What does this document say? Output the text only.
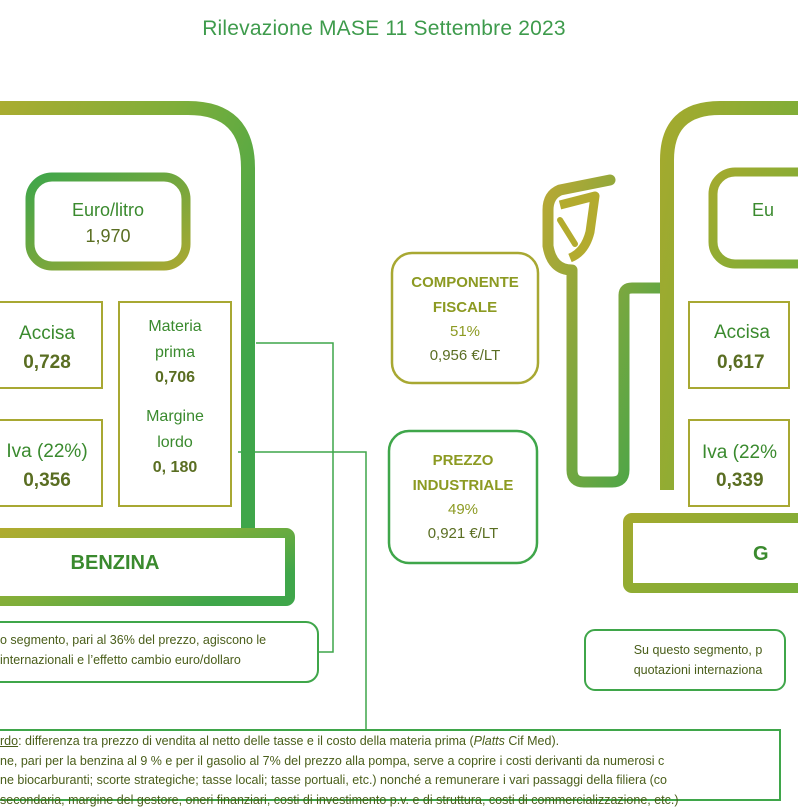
Rilevazione MASE 11 Settembre 2023
Euro/litro
1,970
Accisa
0,728
Iva (22%)
0,356
Materia
prima
0,706
Margine
lordo
0, 180
BENZINA
o segmento, pari al 36% del prezzo, agiscono le
internazionali e l’effetto cambio euro/dollaro
COMPONENTE
FISCALE
51%
0,956 €/LT
PREZZO
INDUSTRIALE
49%
0,921 €/LT
Eu
Accisa
0,617
Iva (22%
0,339
G
Su questo segmento, p
quotazioni internaziona
rdo: differenza tra prezzo di vendita al netto delle tasse e il costo della materia prima (Platts Cif Med).
ne, pari per la benzina al 9 % e per il gasolio al 7% del prezzo alla pompa, serve a coprire i costi derivanti da numerosi c
ne biocarburanti; scorte strategiche; tasse locali; tasse portuali, etc.) nonché a remunerare i vari passaggi della filiera (co
secondaria, margine del gestore, oneri finanziari, costi di investimento p.v. e di struttura, costi di commercializzazione, etc.)
